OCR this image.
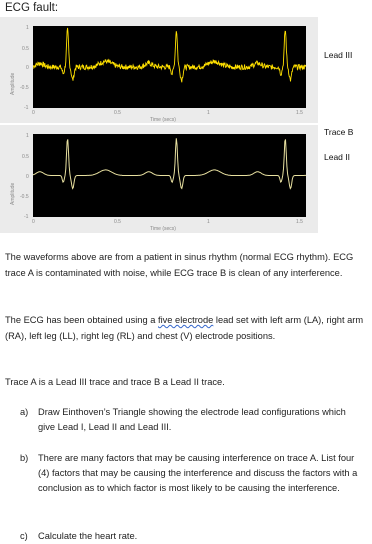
ECG fault:
Amplitude
1
0.5
0
-0.5
-1
0	0.5	1	1.5
Time (secs)
Lead III
Amplitude
1
0.5
0
-0.5
-1
0	0.5	1	1.5
Time (secs)
Trace B
Lead II

The waveforms above are from a patient in sinus rhythm (normal ECG rhythm). ECG trace A is contaminated with noise, while ECG trace B is clean of any interference.

The ECG has been obtained using a five electrode lead set with left arm (LA), right arm (RA), left leg (LL), right leg (RL) and chest (V) electrode positions.

Trace A is a Lead III trace and trace B a Lead II trace.

a)	Draw Einthoven’s Triangle showing the electrode lead configurations which give Lead I, Lead II and Lead III.
b)	There are many factors that may be causing interference on trace A. List four (4) factors that may be causing the interference and discuss the factors with a conclusion as to which factor is most likely to be causing the interference.
c)	Calculate the heart rate.
